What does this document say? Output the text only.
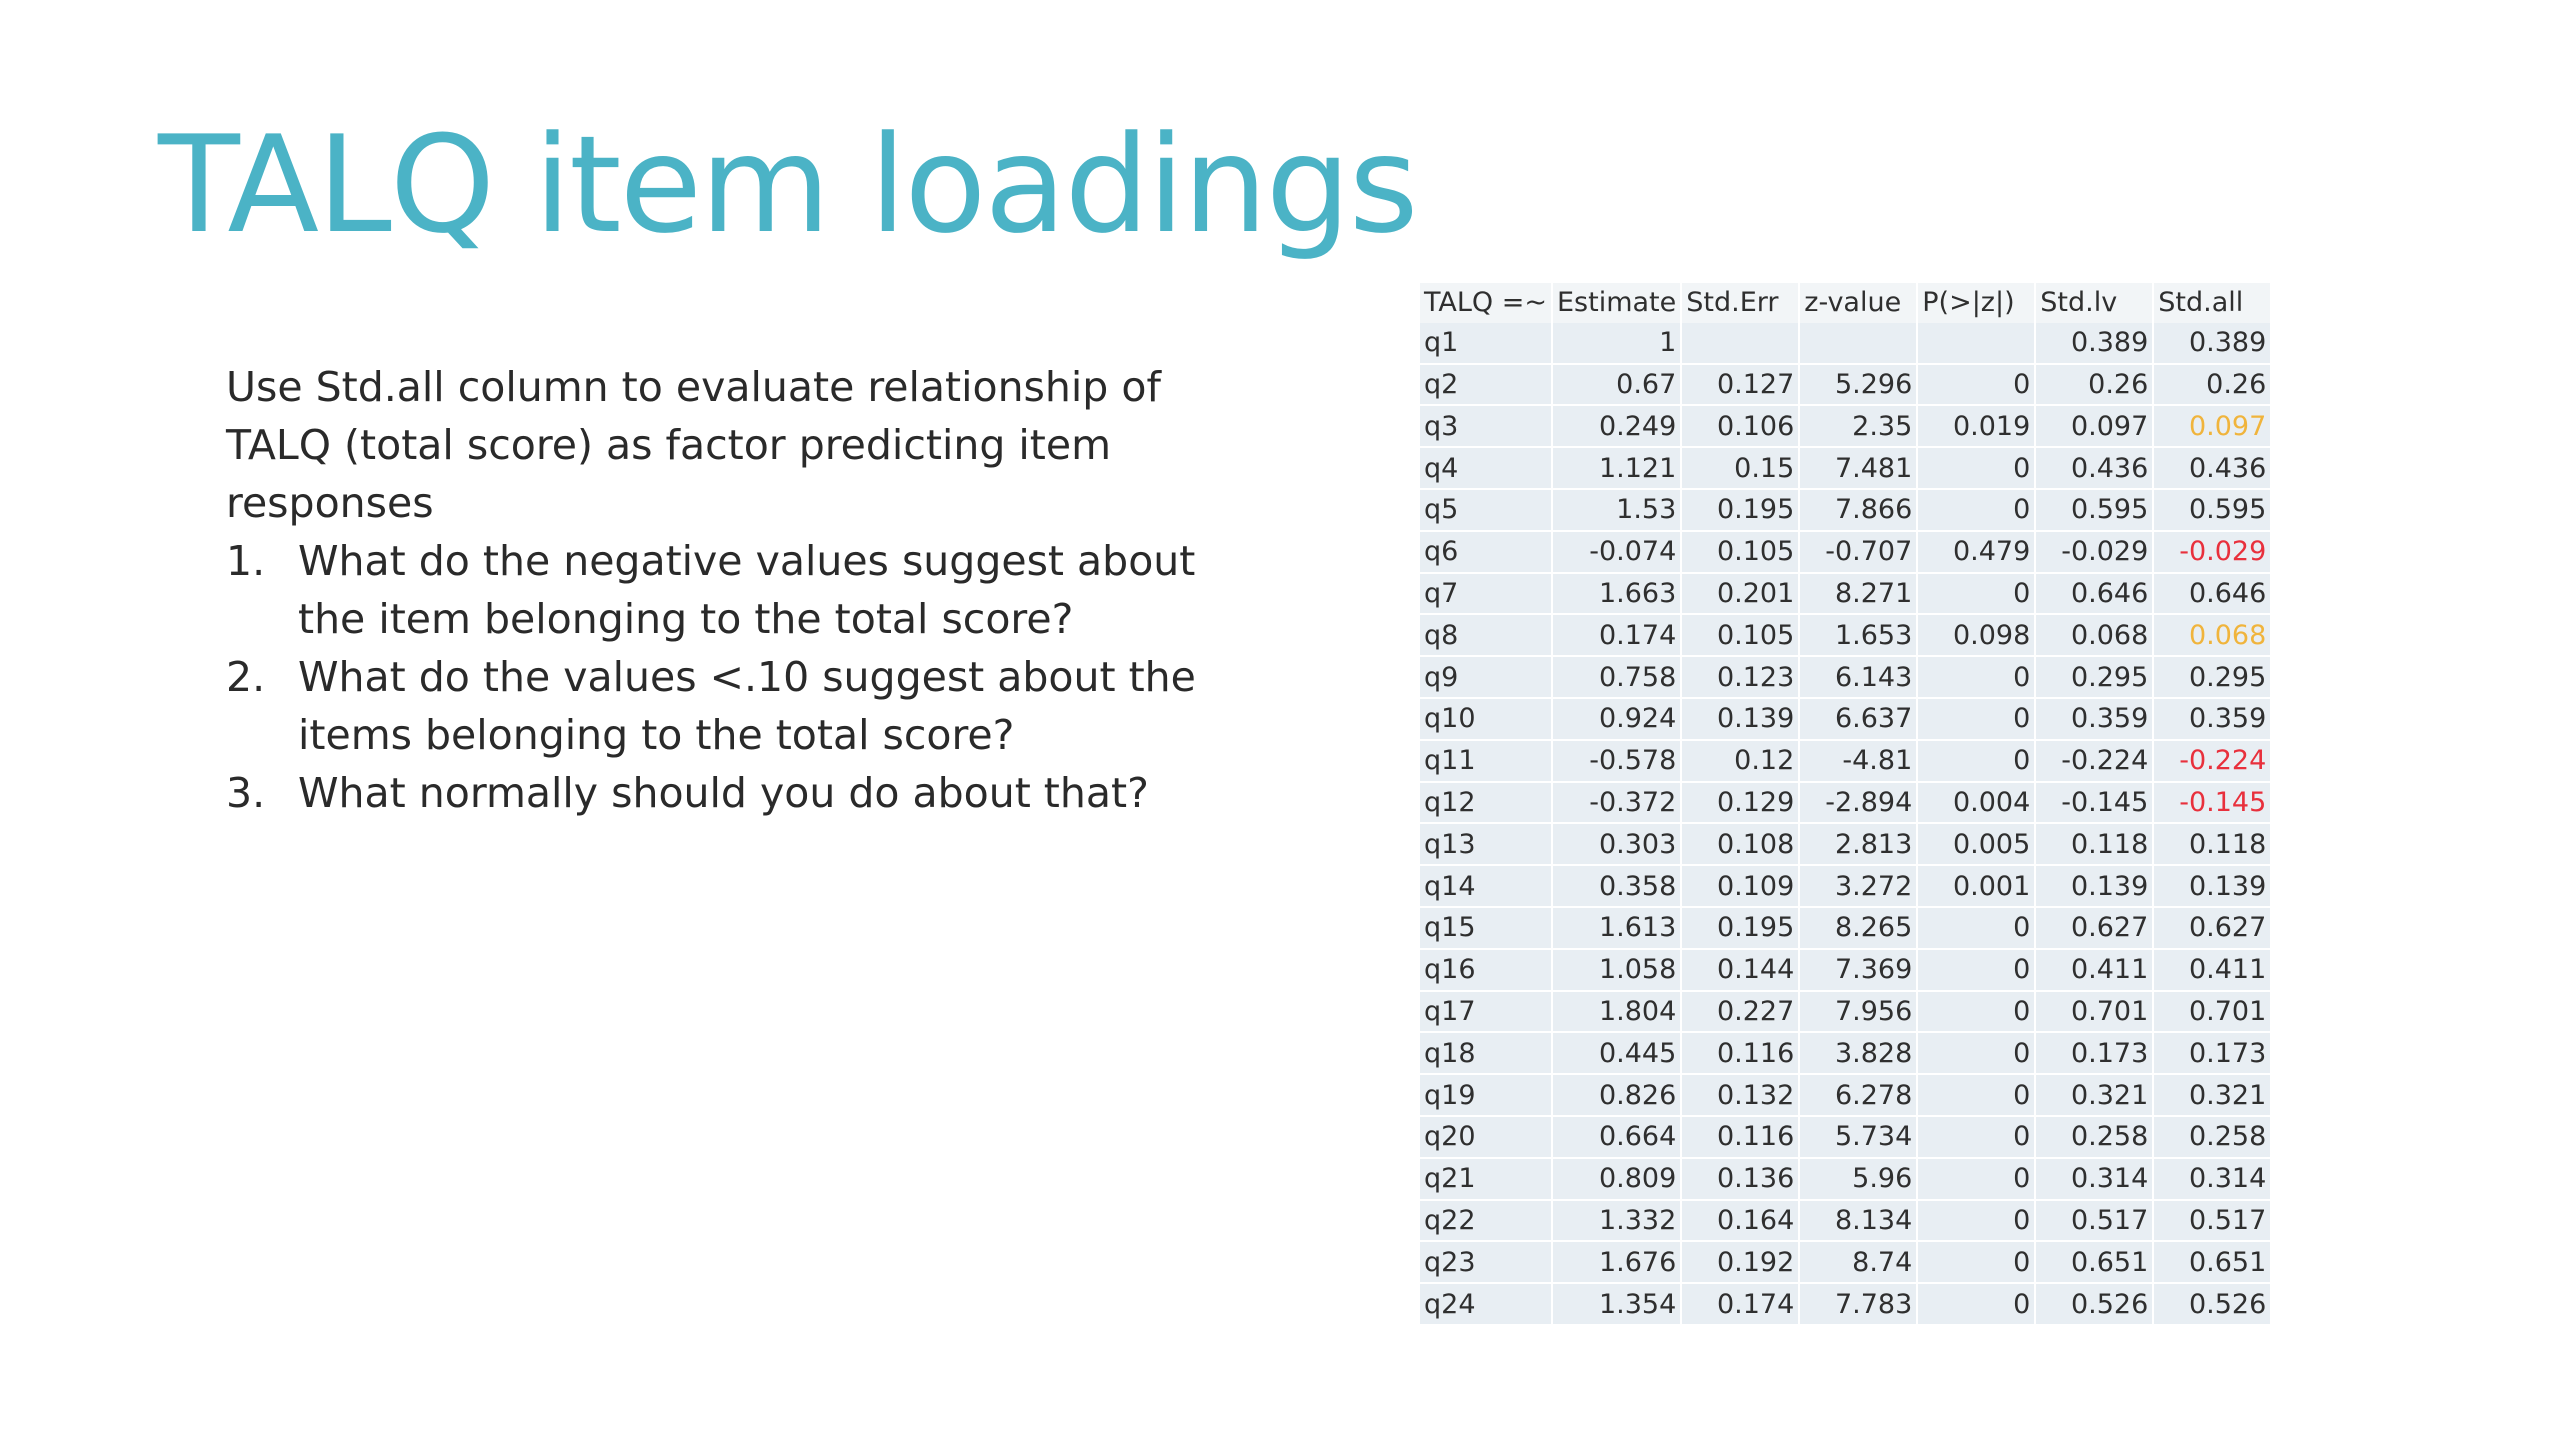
TALQ item loadings

Use Std.all column to evaluate relationship of TALQ (total score) as factor predicting item responses

1. What do the negative values suggest about the item belonging to the total score?
2. What do the values <.10 suggest about the items belonging to the total score?
3. What normally should you do about that?
TALQ =~	Estimate	Std.Err	z-value	P(>|z|)	Std.lv	Std.all
q1	1				0.389	0.389
q2	0.67	0.127	5.296	0	0.26	0.26
q3	0.249	0.106	2.35	0.019	0.097	0.097
q4	1.121	0.15	7.481	0	0.436	0.436
q5	1.53	0.195	7.866	0	0.595	0.595
q6	-0.074	0.105	-0.707	0.479	-0.029	-0.029
q7	1.663	0.201	8.271	0	0.646	0.646
q8	0.174	0.105	1.653	0.098	0.068	0.068
q9	0.758	0.123	6.143	0	0.295	0.295
q10	0.924	0.139	6.637	0	0.359	0.359
q11	-0.578	0.12	-4.81	0	-0.224	-0.224
q12	-0.372	0.129	-2.894	0.004	-0.145	-0.145
q13	0.303	0.108	2.813	0.005	0.118	0.118
q14	0.358	0.109	3.272	0.001	0.139	0.139
q15	1.613	0.195	8.265	0	0.627	0.627
q16	1.058	0.144	7.369	0	0.411	0.411
q17	1.804	0.227	7.956	0	0.701	0.701
q18	0.445	0.116	3.828	0	0.173	0.173
q19	0.826	0.132	6.278	0	0.321	0.321
q20	0.664	0.116	5.734	0	0.258	0.258
q21	0.809	0.136	5.96	0	0.314	0.314
q22	1.332	0.164	8.134	0	0.517	0.517
q23	1.676	0.192	8.74	0	0.651	0.651
q24	1.354	0.174	7.783	0	0.526	0.526
